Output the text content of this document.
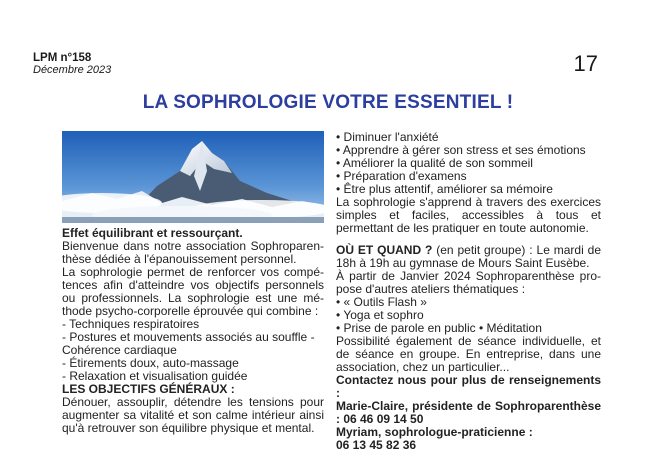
LPM n°158
Décembre 2023	17
LA SOPHROLOGIE VOTRE ESSENTIEL !

Effet équilibrant et ressourçant.

Bienvenue dans notre association Sophroparenthèse dédiée à l'épanouissement personnel.

La sophrologie permet de renforcer vos compétences afin d'atteindre vos objectifs personnels ou professionnels. La sophrologie est une méthode psycho-corporelle éprouvée qui combine :

- Techniques respiratoires

- Postures et mouvements associés au souffle - Cohérence cardiaque

- Étirements doux, auto-massage

- Relaxation et visualisation guidée

LES OBJECTIFS GÉNÉRAUX :

Dénouer, assouplir, détendre les tensions pour augmenter sa vitalité et son calme intérieur ainsi qu'à retrouver son équilibre physique et mental.

• Diminuer l'anxiété

• Apprendre à gérer son stress et ses émotions

• Améliorer la qualité de son sommeil

• Préparation d'examens

• Être plus attentif, améliorer sa mémoire

La sophrologie s'apprend à travers des exercices simples et faciles, accessibles à tous et permettant de les pratiquer en toute autonomie.

OÙ ET QUAND ? (en petit groupe) : Le mardi de 18h à 19h au gymnase de Mours Saint Eusèbe.

À partir de Janvier 2024 Sophroparenthèse propose d'autres ateliers thématiques :

• « Outils Flash »

• Yoga et sophro

• Prise de parole en public • Méditation

Possibilité également de séance individuelle, et de séance en groupe. En entreprise, dans une association, chez un particulier...

Contactez nous pour plus de renseignements :

Marie-Claire, présidente de Sophroparenthèse : 06 46 09 14 50

Myriam, sophrologue-praticienne :

06 13 45 82 36
